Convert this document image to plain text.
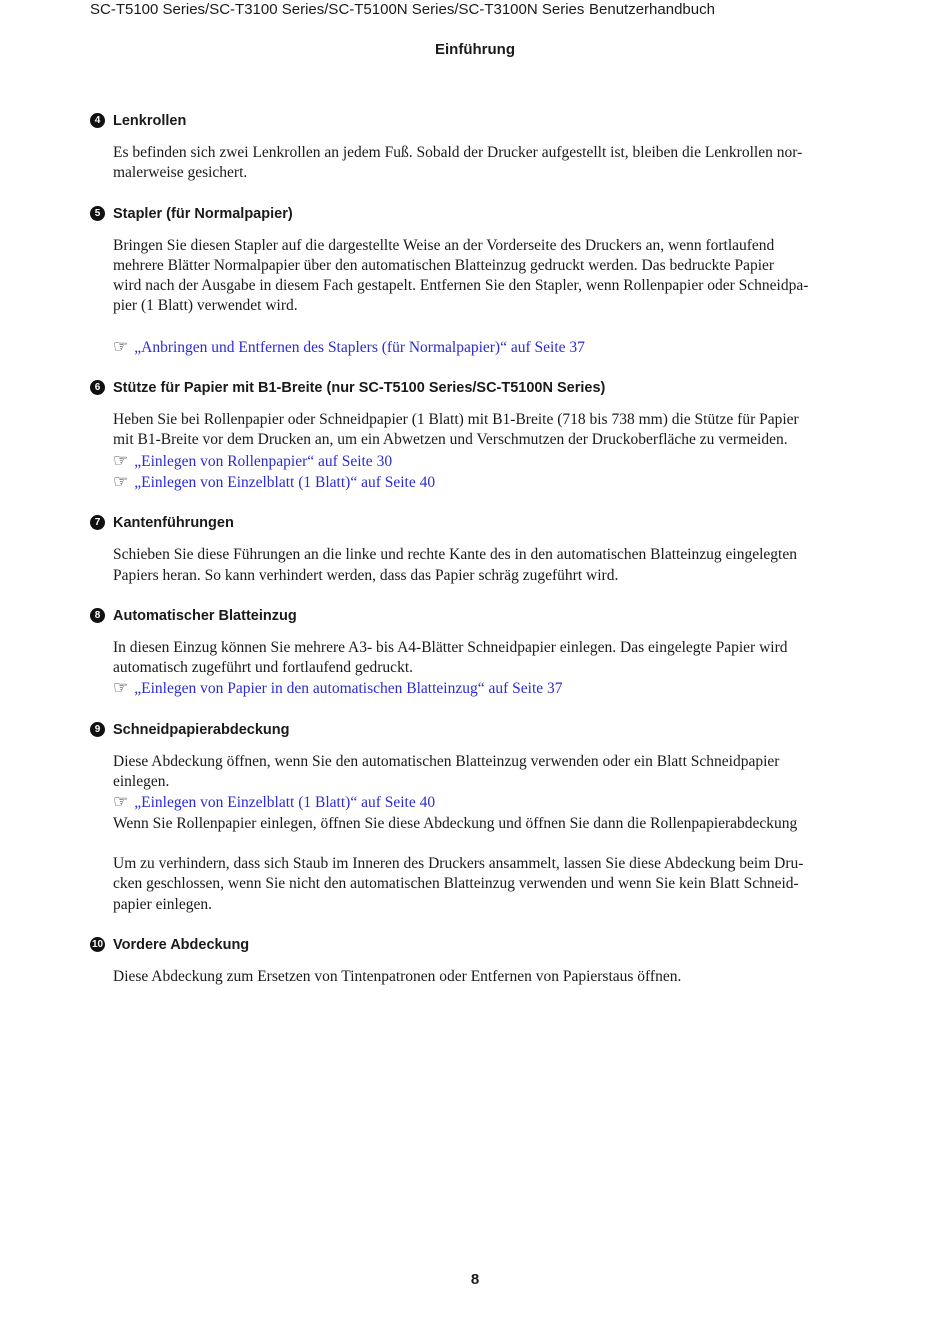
SC-T5100 Series/SC-T3100 Series/SC-T5100N Series/SC-T3100N Series Benutzerhandbuch
Einführung
4 Lenkrollen

Es befinden sich zwei Lenkrollen an jedem Fuß. Sobald der Drucker aufgestellt ist, bleiben die Lenkrollen nor-

malerweise gesichert.

5 Stapler (für Normalpapier)

Bringen Sie diesen Stapler auf die dargestellte Weise an der Vorderseite des Druckers an, wenn fortlaufend

mehrere Blätter Normalpapier über den automatischen Blatteinzug gedruckt werden. Das bedruckte Papier

wird nach der Ausgabe in diesem Fach gestapelt. Entfernen Sie den Stapler, wenn Rollenpapier oder Schneidpa-

pier (1 Blatt) verwendet wird.

☞ „Anbringen und Entfernen des Staplers (für Normalpapier)“ auf Seite 37
6 Stütze für Papier mit B1-Breite (nur SC-T5100 Series/SC-T5100N Series)

Heben Sie bei Rollenpapier oder Schneidpapier (1 Blatt) mit B1-Breite (718 bis 738 mm) die Stütze für Papier

mit B1-Breite vor dem Drucken an, um ein Abwetzen und Verschmutzen der Druckoberfläche zu vermeiden.

☞ „Einlegen von Rollenpapier“ auf Seite 30
☞ „Einlegen von Einzelblatt (1 Blatt)“ auf Seite 40
7 Kantenführungen

Schieben Sie diese Führungen an die linke und rechte Kante des in den automatischen Blatteinzug eingelegten

Papiers heran. So kann verhindert werden, dass das Papier schräg zugeführt wird.

8 Automatischer Blatteinzug

In diesen Einzug können Sie mehrere A3- bis A4-Blätter Schneidpapier einlegen. Das eingelegte Papier wird

automatisch zugeführt und fortlaufend gedruckt.

☞ „Einlegen von Papier in den automatischen Blatteinzug“ auf Seite 37
9 Schneidpapierabdeckung

Diese Abdeckung öffnen, wenn Sie den automatischen Blatteinzug verwenden oder ein Blatt Schneidpapier

einlegen.

☞ „Einlegen von Einzelblatt (1 Blatt)“ auf Seite 40

Wenn Sie Rollenpapier einlegen, öffnen Sie diese Abdeckung und öffnen Sie dann die Rollenpapierabdeckung

Um zu verhindern, dass sich Staub im Inneren des Druckers ansammelt, lassen Sie diese Abdeckung beim Dru-

cken geschlossen, wenn Sie nicht den automatischen Blatteinzug verwenden und wenn Sie kein Blatt Schneid-

papier einlegen.

10 Vordere Abdeckung

Diese Abdeckung zum Ersetzen von Tintenpatronen oder Entfernen von Papierstaus öffnen.

8
